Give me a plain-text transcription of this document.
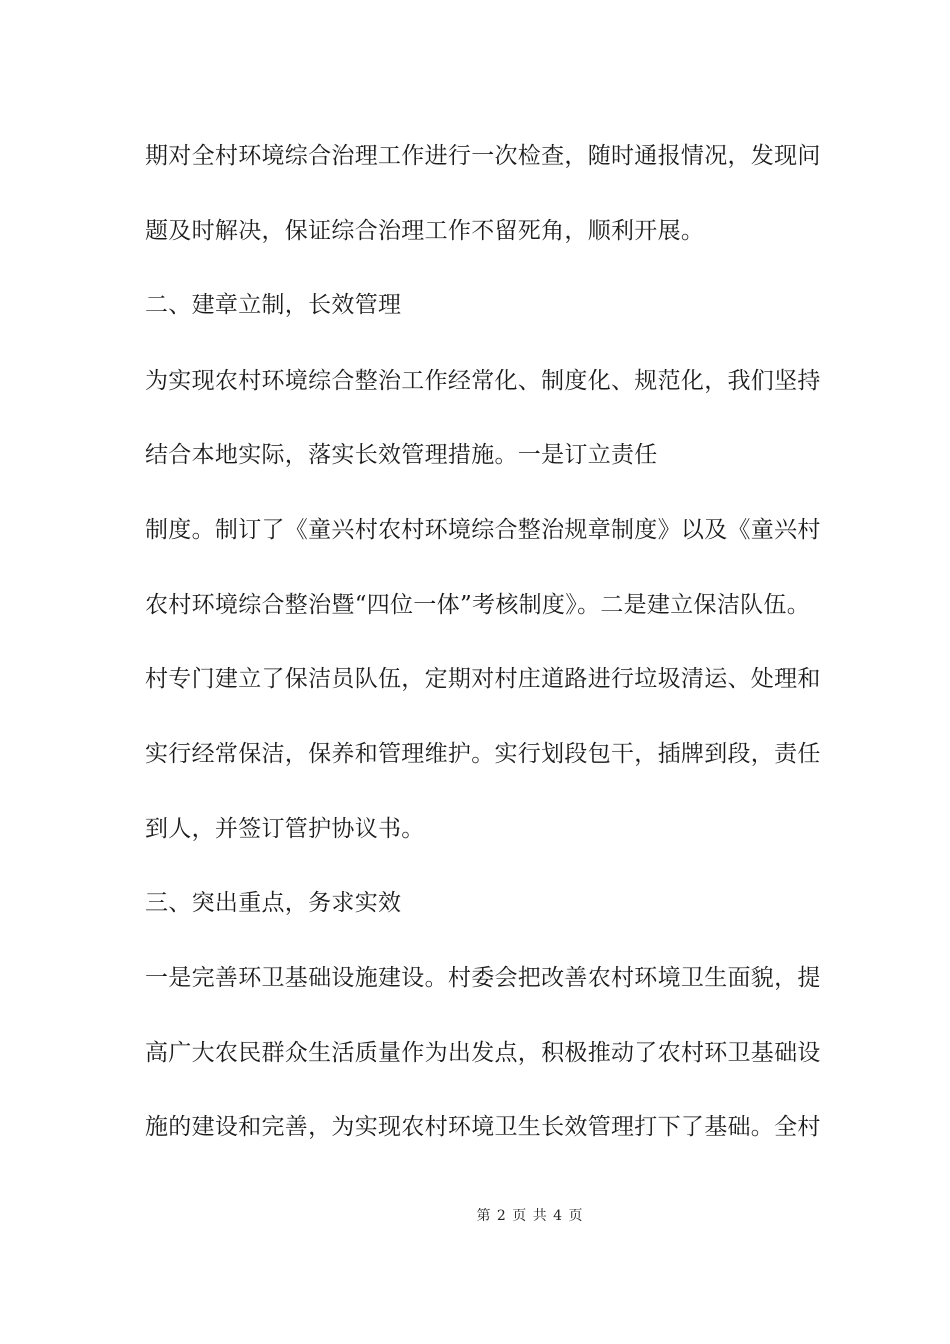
期对全村环境综合治理工作进行一次检查，随时通报情况，发现问
题及时解决，保证综合治理工作不留死角，顺利开展。
二、建章立制，长效管理
为实现农村环境综合整治工作经常化、制度化、规范化，我们坚持
结合本地实际，落实长效管理措施。一是订立责任
制度。制订了《童兴村农村环境综合整治规章制度》以及《童兴村
农村环境综合整治暨“四位一体”考核制度》。二是建立保洁队伍。
村专门建立了保洁员队伍，定期对村庄道路进行垃圾清运、处理和
实行经常保洁，保养和管理维护。实行划段包干，插牌到段，责任
到人，并签订管护协议书。
三、突出重点，务求实效
一是完善环卫基础设施建设。村委会把改善农村环境卫生面貌，提
高广大农民群众生活质量作为出发点，积极推动了农村环卫基础设
施的建设和完善，为实现农村环境卫生长效管理打下了基础。全村
第 2 页 共 4 页
